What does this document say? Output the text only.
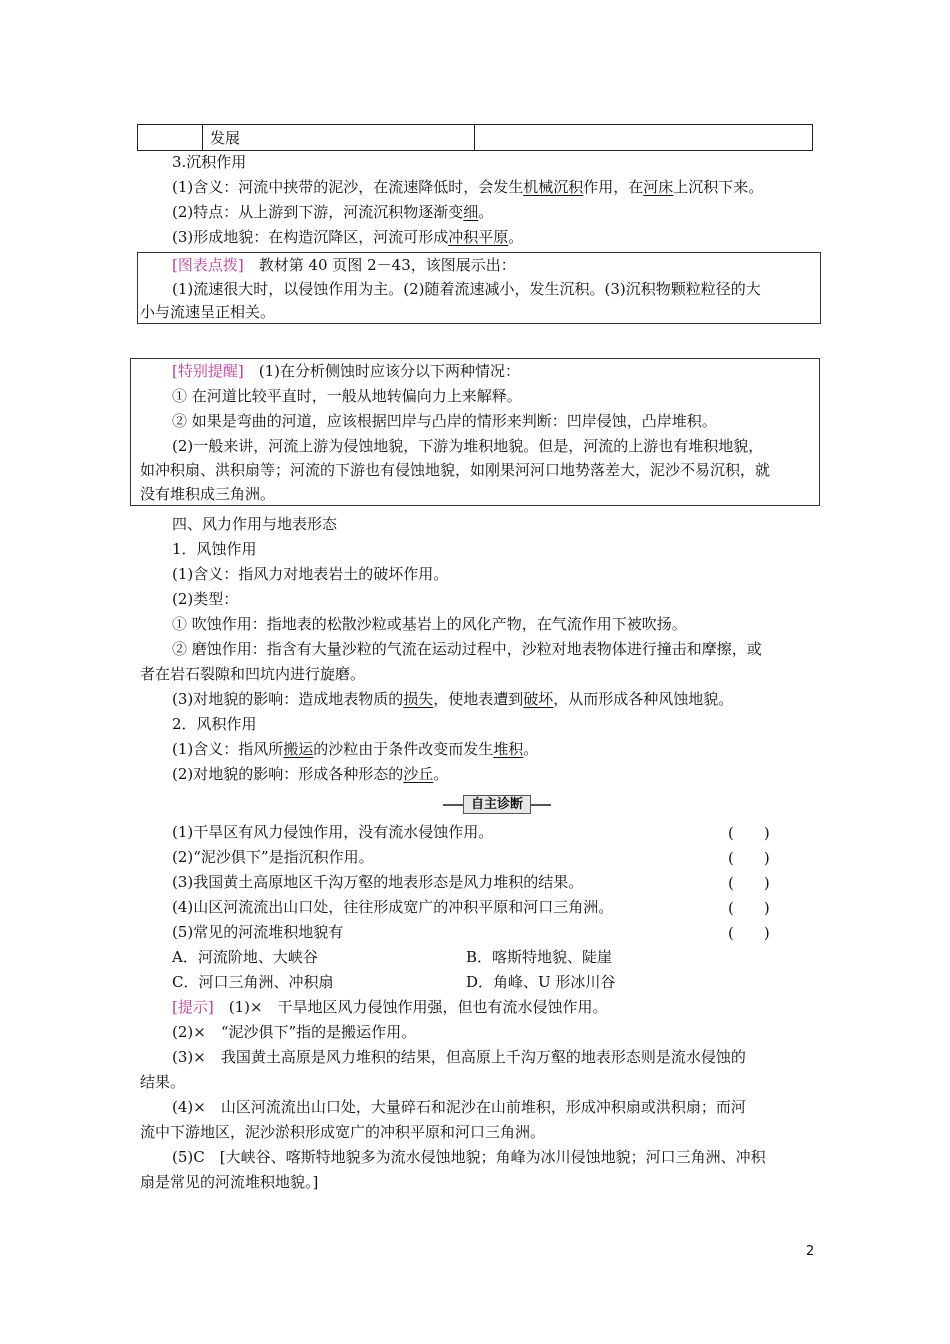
发展
3.沉积作用
(1)含义：河流中挟带的泥沙，在流速降低时，会发生机械沉积作用，在河床上沉积下来。
(2)特点：从上游到下游，河流沉积物逐渐变细。
(3)形成地貌：在构造沉降区，河流可形成冲积平原。
[图表点拨]　 教材第 40 页图 2－43，该图展示出：
(1)流速很大时，以侵蚀作用为主。(2)随着流速减小，发生沉积。(3)沉积物颗粒粒径的大
小与流速呈正相关。
[特别提醒]　 (1)在分析侧蚀时应该分以下两种情况：
① 在河道比较平直时，一般从地转偏向力上来解释。
② 如果是弯曲的河道，应该根据凹岸与凸岸的情形来判断：凹岸侵蚀，凸岸堆积。
(2)一般来讲，河流上游为侵蚀地貌，下游为堆积地貌。但是，河流的上游也有堆积地貌，
如冲积扇、洪积扇等；河流的下游也有侵蚀地貌，如刚果河河口地势落差大，泥沙不易沉积，就
没有堆积成三角洲。
四、风力作用与地表形态
1．风蚀作用
(1)含义：指风力对地表岩土的破坏作用。
(2)类型：
① 吹蚀作用：指地表的松散沙粒或基岩上的风化产物，在气流作用下被吹扬。
② 磨蚀作用：指含有大量沙粒的气流在运动过程中，沙粒对地表物体进行撞击和摩擦，或
者在岩石裂隙和凹坑内进行旋磨。
(3)对地貌的影响：造成地表物质的损失，使地表遭到破坏，从而形成各种风蚀地貌。
2．风积作用
(1)含义：指风所搬运的沙粒由于条件改变而发生堆积。
(2)对地貌的影响：形成各种形态的沙丘。
自主诊断
(1)干旱区有风力侵蚀作用，没有流水侵蚀作用。	(　　)
(2)“泥沙俱下”是指沉积作用。	(　　)
(3)我国黄土高原地区千沟万壑的地表形态是风力堆积的结果。	(　　)
(4)山区河流流出山口处，往往形成宽广的冲积平原和河口三角洲。	(　　)
(5)常见的河流堆积地貌有	(　　)
A．河流阶地、大峡谷	B．喀斯特地貌、陡崖
C．河口三角洲、冲积扇	D．角峰、U 形冰川谷
[提示]　 (1)×　干旱地区风力侵蚀作用强，但也有流水侵蚀作用。
(2)×　“泥沙俱下”指的是搬运作用。
(3)×　我国黄土高原是风力堆积的结果，但高原上千沟万壑的地表形态则是流水侵蚀的
结果。
(4)×　山区河流流出山口处，大量碎石和泥沙在山前堆积，形成冲积扇或洪积扇；而河
流中下游地区，泥沙淤积形成宽广的冲积平原和河口三角洲。
(5)C　[大峡谷、喀斯特地貌多为流水侵蚀地貌；角峰为冰川侵蚀地貌；河口三角洲、冲积
扇是常见的河流堆积地貌。]
2
